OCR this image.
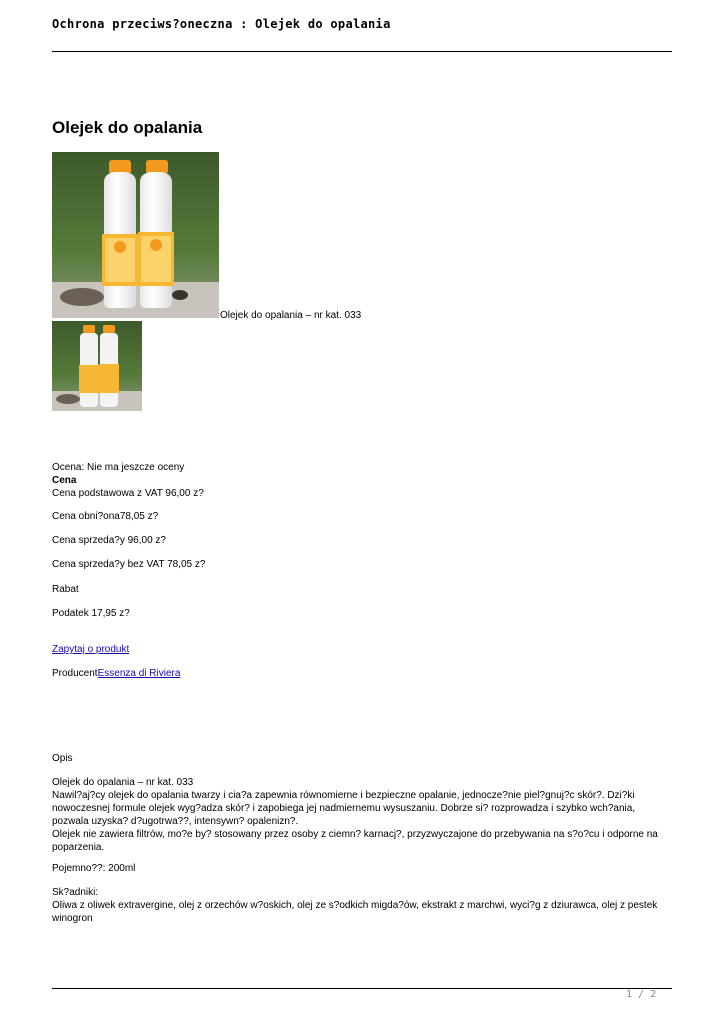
Ochrona przeciws?oneczna : Olejek do opalania
Olejek do opalania
Olejek do opalania – nr kat. 033

Ocena: Nie ma jeszcze oceny

Cena

Cena podstawowa z VAT 96,00 z?

Cena obni?ona78,05 z?
Cena sprzeda?y 96,00 z?
Cena sprzeda?y bez VAT 78,05 z?
Rabat
Podatek 17,95 z?
Zapytaj o produkt
ProducentEssenza di Riviera
Opis

Olejek do opalania – nr kat. 033

Nawil?aj?cy olejek do opalania twarzy i cia?a zapewnia równomierne i bezpieczne opalanie, jednocze?nie piel?gnuj?c skór?. Dzi?ki nowoczesnej formule olejek wyg?adza skór? i zapobiega jej nadmiernemu wysuszaniu. Dobrze si? rozprowadza i szybko wch?ania, pozwala uzyska? d?ugotrwa??, intensywn? opalenizn?.

Olejek nie zawiera filtrów, mo?e by? stosowany przez osoby z ciemn? karnacj?, przyzwyczajone do przebywania na s?o?cu i odporne na poparzenia.

Pojemno??: 200ml

Sk?adniki:

Oliwa z oliwek extravergine, olej z orzechów w?oskich, olej ze s?odkich migda?ów, ekstrakt z marchwi, wyci?g z dziurawca, olej z pestek winogron

1 / 2
